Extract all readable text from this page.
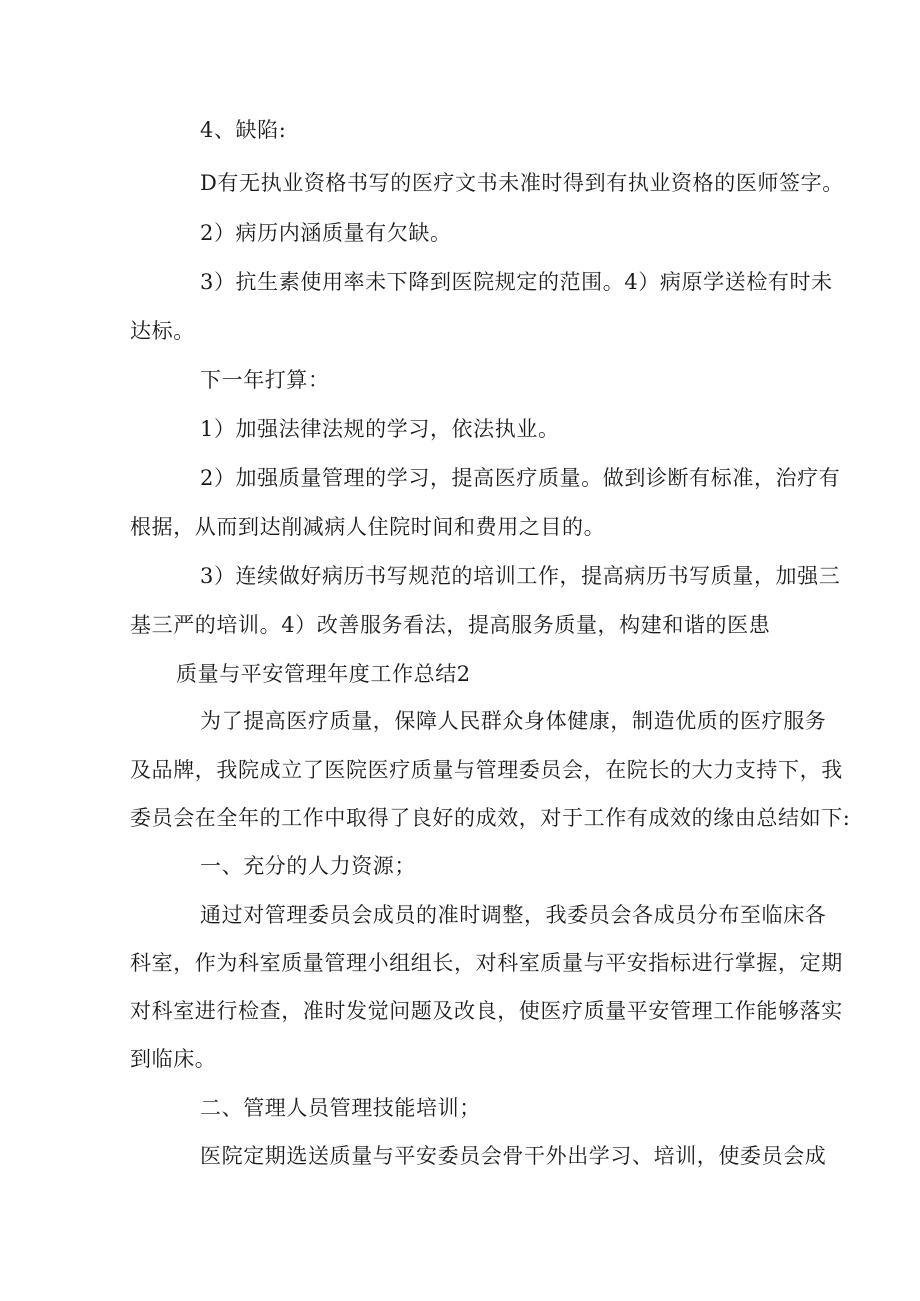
4、缺陷:
D有无执业资格书写的医疗文书未准时得到有执业资格的医师签字。
2）病历内涵质量有欠缺。
3）抗生素使用率未下降到医院规定的范围。4）病原学送检有时未
达标。
下一年打算：
1）加强法律法规的学习，依法执业。
2）加强质量管理的学习，提高医疗质量。做到诊断有标准，治疗有
根据，从而到达削减病人住院时间和费用之目的。
3）连续做好病历书写规范的培训工作，提高病历书写质量，加强三
基三严的培训。4）改善服务看法，提高服务质量，构建和谐的医患
质量与平安管理年度工作总结2
为了提高医疗质量，保障人民群众身体健康，制造优质的医疗服务
及品牌，我院成立了医院医疗质量与管理委员会，在院长的大力支持下，我
委员会在全年的工作中取得了良好的成效，对于工作有成效的缘由总结如下:
一、充分的人力资源；
通过对管理委员会成员的准时调整，我委员会各成员分布至临床各
科室，作为科室质量管理小组组长，对科室质量与平安指标进行掌握，定期
对科室进行检查，准时发觉问题及改良，使医疗质量平安管理工作能够落实
到临床。
二、管理人员管理技能培训；
医院定期选送质量与平安委员会骨干外出学习、培训，使委员会成
